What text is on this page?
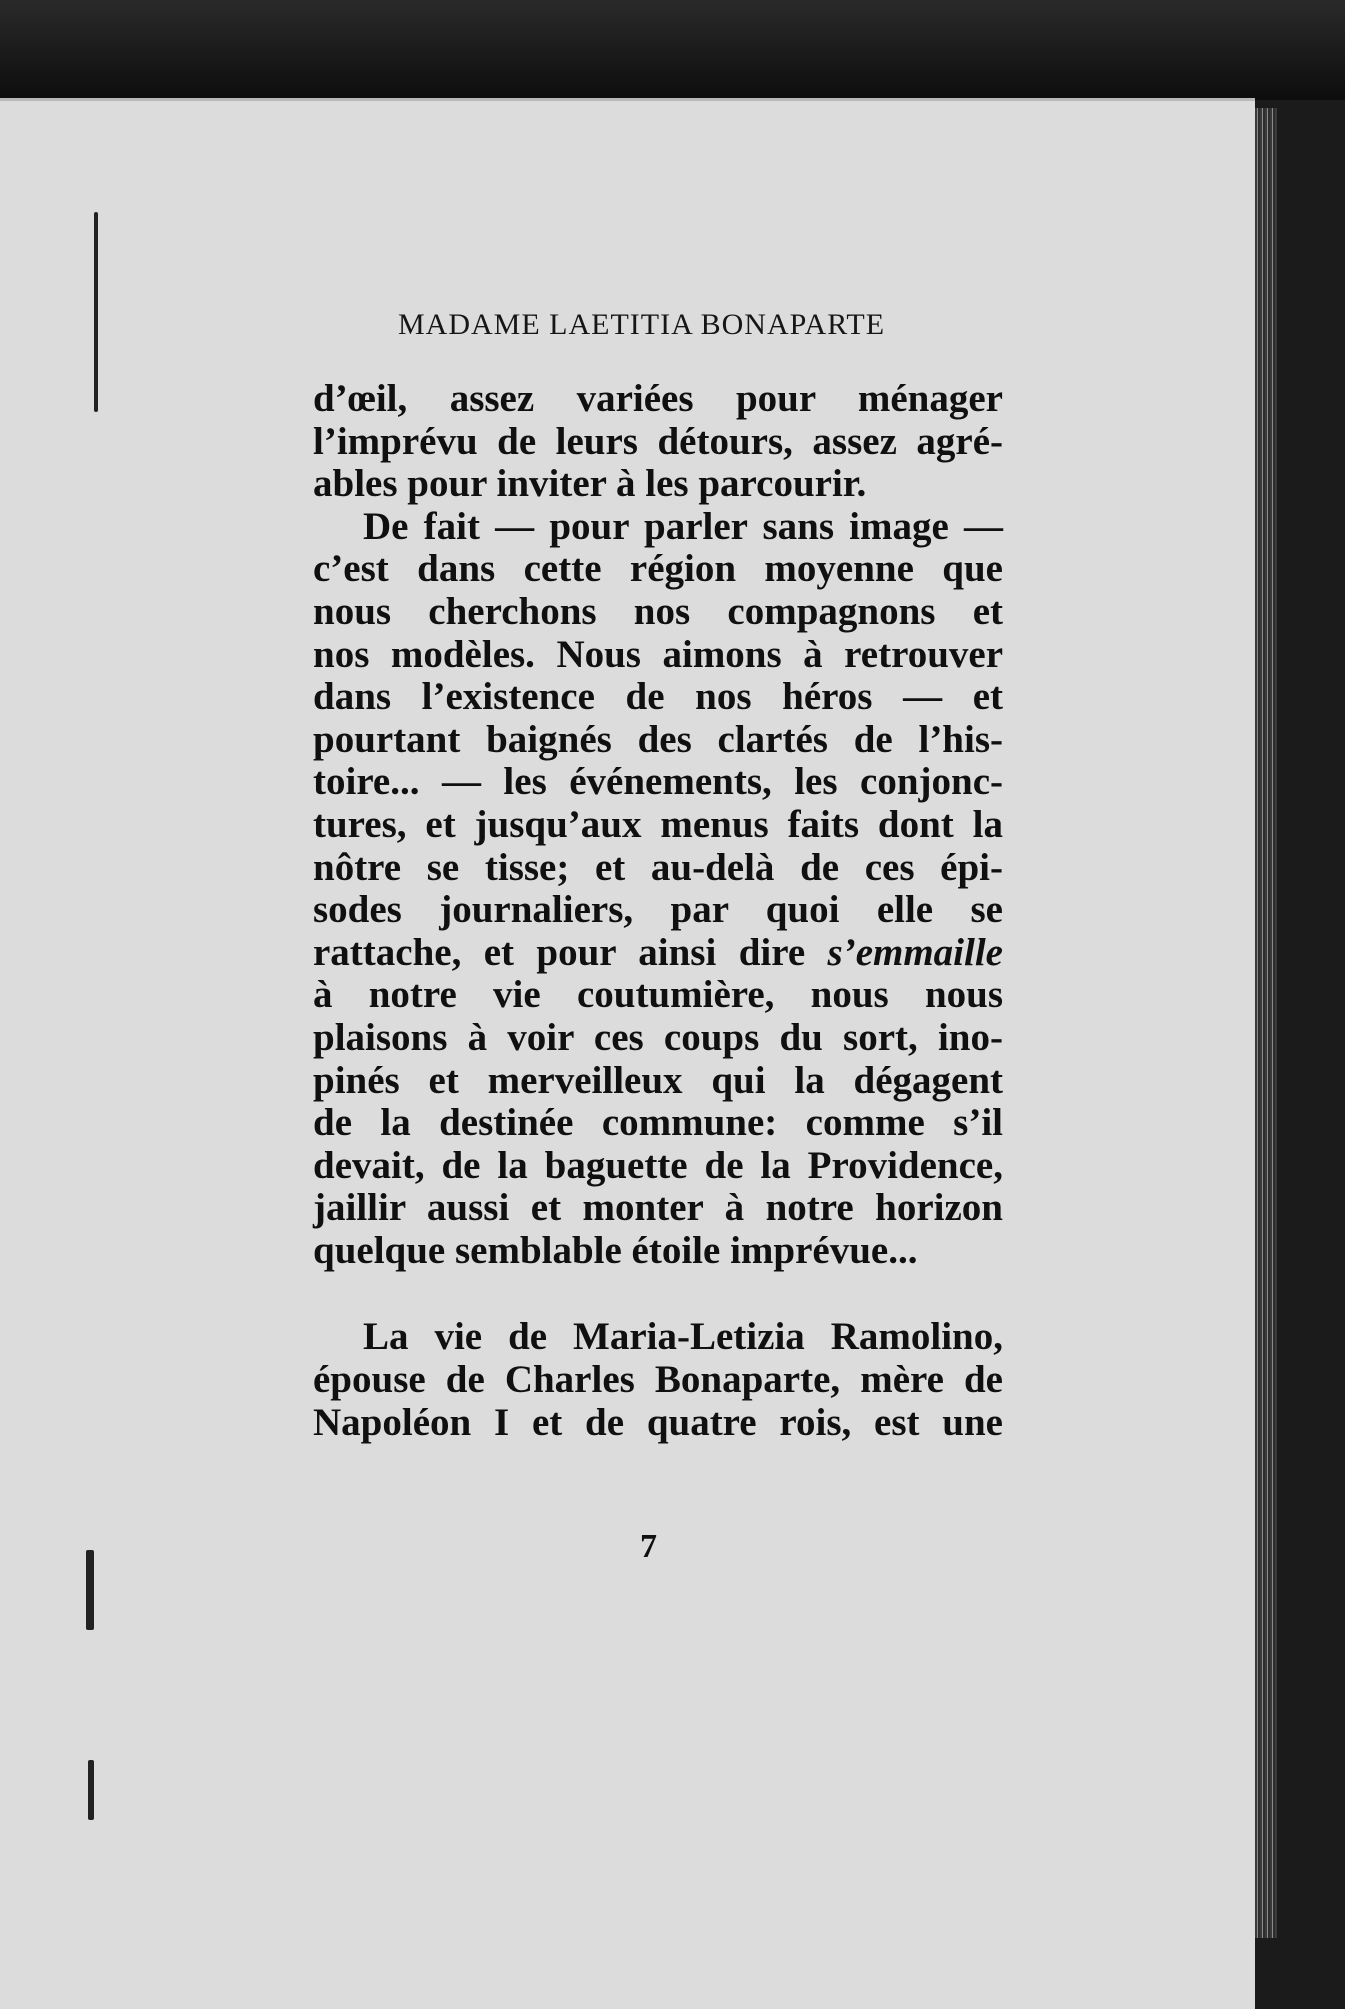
MADAME LAETITIA BONAPARTE
d’œil, assez variées pour ménager
l’imprévu de leurs détours, assez agré-
ables pour inviter à les parcourir.
De fait — pour parler sans image —
c’est dans cette région moyenne que
nous cherchons nos compagnons et
nos modèles. Nous aimons à retrouver
dans l’existence de nos héros — et
pourtant baignés des clartés de l’his-
toire... — les événements, les conjonc-
tures, et jusqu’aux menus faits dont la
nôtre se tisse; et au-delà de ces épi-
sodes journaliers, par quoi elle se
rattache, et pour ainsi dire s’emmaille
à notre vie coutumière, nous nous
plaisons à voir ces coups du sort, ino-
pinés et merveilleux qui la dégagent
de la destinée commune: comme s’il
devait, de la baguette de la Providence,
jaillir aussi et monter à notre horizon
quelque semblable étoile imprévue...
La vie de Maria-Letizia Ramolino,
épouse de Charles Bonaparte, mère de
Napoléon I et de quatre rois, est une
7
